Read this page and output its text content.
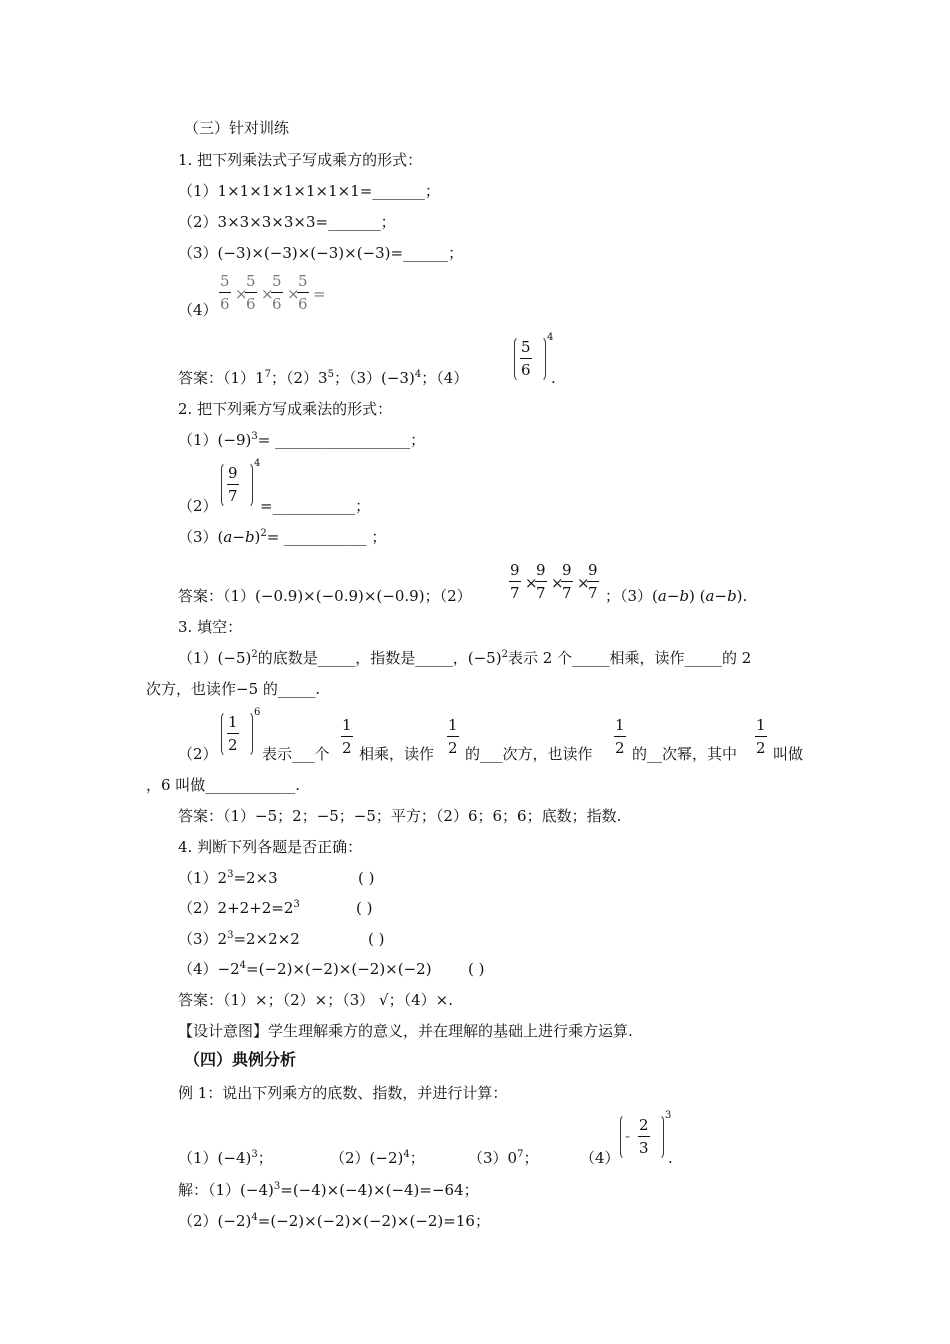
（三）针对训练
1. 把下列乘法式子写成乘方的形式：
（1）1×1×1×1×1×1×1=_______；
（2）3×3×3×3×3=_______；
（3）(−3)×(−3)×(−3)×(−3)=______；
（4）
5
6
×
5
6
×
5
6
×
5
6
=
答案：$(1)1^7$；$(2)3^5$；$(3)(-3)^4$；（4）
5
6
4
.
2. 把下列乘方写成乘法的形式：
$(1)(-9)^3=$ __________________；
（2）
9
7
4
=___________；
$(3)(a-b)^2=$ ___________ ；
答案：（1）(−0.9)×(−0.9)×(−0.9)；（2）
9
7
×
9
7
×
9
7
×
9
7 ；（3）(a−b) (a−b).
3. 填空：
$(1)(-5)^2$的底数是_____，指数是_____，$(-5)^2$表示 2 个_____相乘，读作_____的 2
次方，也读作−5 的_____.
（2）
1
2
6
表示___个
1
2 相乘，读作
1
2 的___次方，也读作
1
2 的__次幂，其中
1
2 叫做
，6 叫做____________.
答案：（1）−5；2；−5；−5；平方；（2）6；6；6；底数；指数.
4. 判断下列各题是否正确：
$(1)2^3=2\times 3$	( )
$(2)2+2+2=2^3$	( )
$(3)2^3=2\times 2\times 2$	( )
$(4)-2^4=(-2)\times(-2)\times(-2)\times(-2)$ ( )
答案：（1）×；（2）×；（3） √；（4）×.
【设计意图】学生理解乘方的意义，并在理解的基础上进行乘方运算.
（四）典例分析
例 1：说出下列乘方的底数、指数，并进行计算：
$(1)(-4)^3$；	$(2)(-2)^4$；	$(3)0^7$；	（4）
-
2
3
3
.
解：$(1)(-4)^3=(-4)\times(-4)\times(-4)=-64$；
$(2)(-2)^4=(-2)\times(-2)\times(-2)\times(-2)=16$；
